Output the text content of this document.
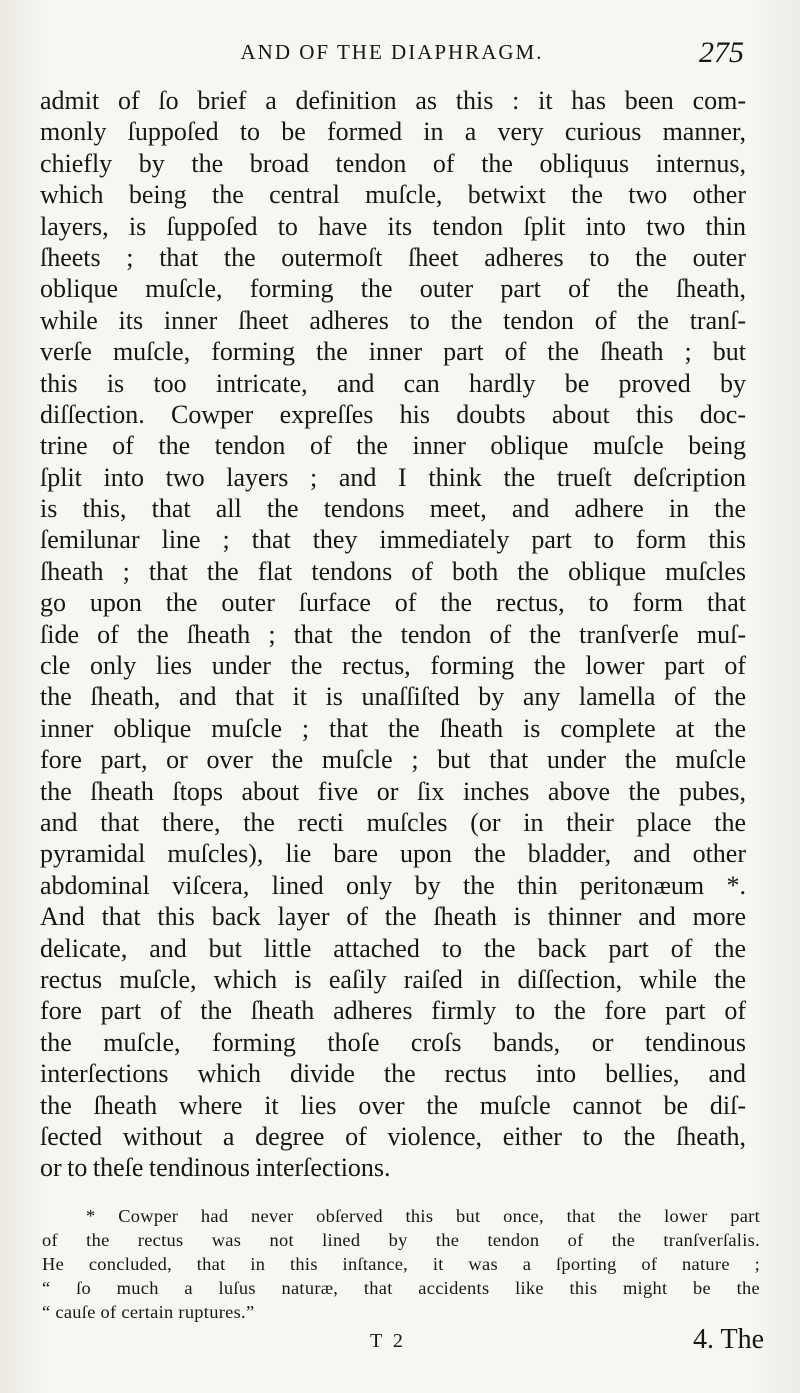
AND OF THE DIAPHRAGM.	275
admit of ſo brief a definition as this : it has been com-
monly ſuppoſed to be formed in a very curious manner,
chiefly by the broad tendon of the obliquus internus,
which being the central muſcle, betwixt the two other
layers, is ſuppoſed to have its tendon ſplit into two thin
ſheets ; that the outermoſt ſheet adheres to the outer
oblique muſcle, forming the outer part of the ſheath,
while its inner ſheet adheres to the tendon of the tranſ-
verſe muſcle, forming the inner part of the ſheath ; but
this is too intricate, and can hardly be proved by
diſſection. Cowper expreſſes his doubts about this doc-
trine of the tendon of the inner oblique muſcle being
ſplit into two layers ; and I think the trueſt deſcription
is this, that all the tendons meet, and adhere in the
ſemilunar line ; that they immediately part to form this
ſheath ; that the flat tendons of both the oblique muſcles
go upon the outer ſurface of the rectus, to form that
ſide of the ſheath ; that the tendon of the tranſverſe muſ-
cle only lies under the rectus, forming the lower part of
the ſheath, and that it is unaſſiſted by any lamella of the
inner oblique muſcle ; that the ſheath is complete at the
fore part, or over the muſcle ; but that under the muſcle
the ſheath ſtops about five or ſix inches above the pubes,
and that there, the recti muſcles (or in their place the
pyramidal muſcles), lie bare upon the bladder, and other
abdominal viſcera, lined only by the thin peritonæum *.
And that this back layer of the ſheath is thinner and more
delicate, and but little attached to the back part of the
rectus muſcle, which is eaſily raiſed in diſſection, while the
fore part of the ſheath adheres firmly to the fore part of
the muſcle, forming thoſe croſs bands, or tendinous
interſections which divide the rectus into bellies, and
the ſheath where it lies over the muſcle cannot be diſ-
ſected without a degree of violence, either to the ſheath,
or to theſe tendinous interſections.
* Cowper had never obſerved this but once, that the lower part
of the rectus was not lined by the tendon of the tranſverſalis.
He concluded, that in this inſtance, it was a ſporting of nature ;
“ ſo much a luſus naturæ, that accidents like this might be the
“ cauſe of certain ruptures.”
T 2	4. The
